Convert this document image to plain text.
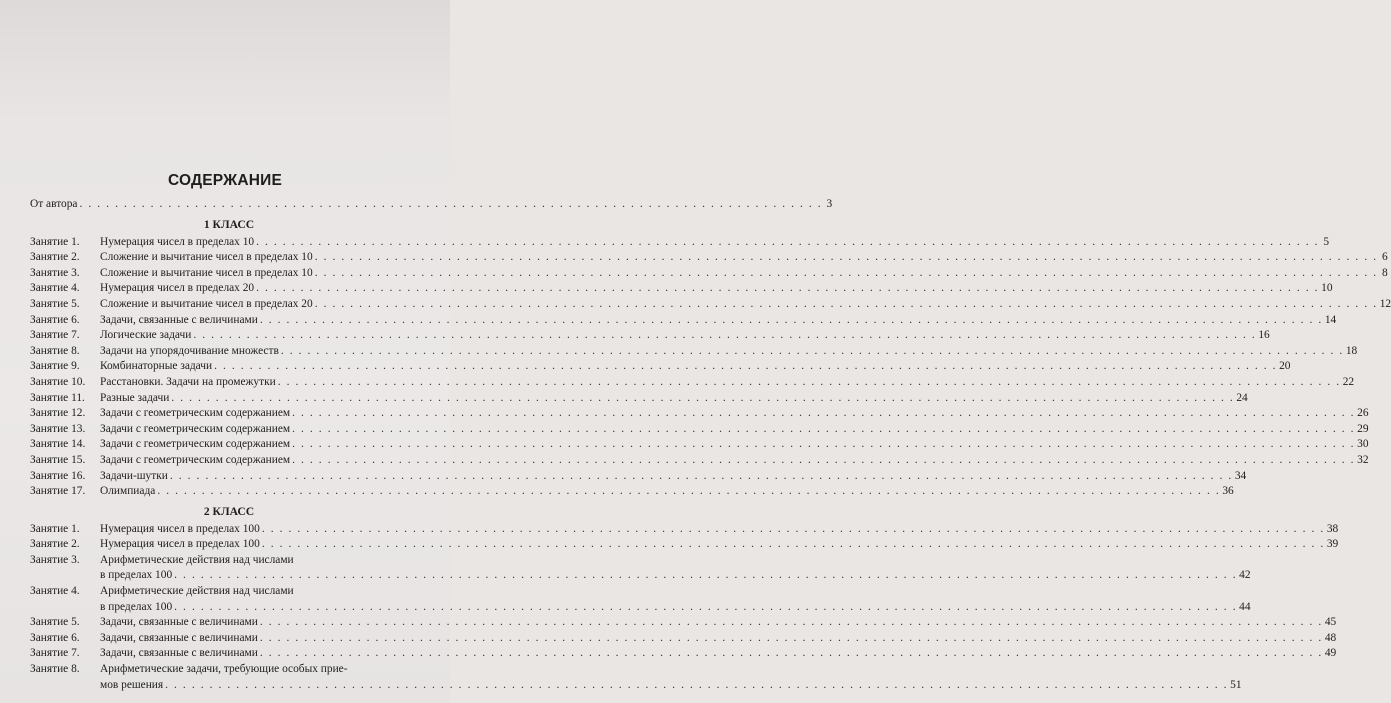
СОДЕРЖАНИЕ
От автора . . . . . . . . . . . . . . . . . . . . . . . . . . . . . . . . . . . . . . . . . . . . . . . . . . . . . . . . . . . . . . . . . . . . . . . . . . . . . . . . . . . . 3
1 КЛАСС
Занятие 1.	Нумерация чисел в пределах 10 . . . . . . . . . . . . . . . . . . . . . . . . . . . . . . . . . . . . . . . . . . . . . . . . . . . . . . . . . . . . . . . . . . . . . . . . . . . . . . . . . . . . . . . . . . . . . . . . . . . . . . . . . . . . . . . . . . . . . . . . 5
Занятие 2.	Сложение и вычитание чисел в пределах 10 . . . . . . . . . . . . . . . . . . . . . . . . . . . . . . . . . . . . . . . . . . . . . . . . . . . . . . . . . . . . . . . . . . . . . . . . . . . . . . . . . . . . . . . . . . . . . . . . . . . . . . . . . . . . . . . . . . . . . . . . 6
Занятие 3.	Сложение и вычитание чисел в пределах 10 . . . . . . . . . . . . . . . . . . . . . . . . . . . . . . . . . . . . . . . . . . . . . . . . . . . . . . . . . . . . . . . . . . . . . . . . . . . . . . . . . . . . . . . . . . . . . . . . . . . . . . . . . . . . . . . . . . . . . . . . 8
Занятие 4.	Нумерация чисел в пределах 20 . . . . . . . . . . . . . . . . . . . . . . . . . . . . . . . . . . . . . . . . . . . . . . . . . . . . . . . . . . . . . . . . . . . . . . . . . . . . . . . . . . . . . . . . . . . . . . . . . . . . . . . . . . . . . . . . . . . . . . . . 10
Занятие 5.	Сложение и вычитание чисел в пределах 20 . . . . . . . . . . . . . . . . . . . . . . . . . . . . . . . . . . . . . . . . . . . . . . . . . . . . . . . . . . . . . . . . . . . . . . . . . . . . . . . . . . . . . . . . . . . . . . . . . . . . . . . . . . . . . . . . . . . . . . . . 12
Занятие 6.	Задачи, связанные с величинами . . . . . . . . . . . . . . . . . . . . . . . . . . . . . . . . . . . . . . . . . . . . . . . . . . . . . . . . . . . . . . . . . . . . . . . . . . . . . . . . . . . . . . . . . . . . . . . . . . . . . . . . . . . . . . . . . . . . . . . . 14
Занятие 7.	Логические задачи . . . . . . . . . . . . . . . . . . . . . . . . . . . . . . . . . . . . . . . . . . . . . . . . . . . . . . . . . . . . . . . . . . . . . . . . . . . . . . . . . . . . . . . . . . . . . . . . . . . . . . . . . . . . . . . . . . . . . . . . 16
Занятие 8.	Задачи на упорядочивание множеств . . . . . . . . . . . . . . . . . . . . . . . . . . . . . . . . . . . . . . . . . . . . . . . . . . . . . . . . . . . . . . . . . . . . . . . . . . . . . . . . . . . . . . . . . . . . . . . . . . . . . . . . . . . . . . . . . . . . . . . . 18
Занятие 9.	Комбинаторные задачи . . . . . . . . . . . . . . . . . . . . . . . . . . . . . . . . . . . . . . . . . . . . . . . . . . . . . . . . . . . . . . . . . . . . . . . . . . . . . . . . . . . . . . . . . . . . . . . . . . . . . . . . . . . . . . . . . . . . . . . . 20
Занятие 10.	Расстановки. Задачи на промежутки . . . . . . . . . . . . . . . . . . . . . . . . . . . . . . . . . . . . . . . . . . . . . . . . . . . . . . . . . . . . . . . . . . . . . . . . . . . . . . . . . . . . . . . . . . . . . . . . . . . . . . . . . . . . . . . . . . . . . . . . 22
Занятие 11.	Разные задачи . . . . . . . . . . . . . . . . . . . . . . . . . . . . . . . . . . . . . . . . . . . . . . . . . . . . . . . . . . . . . . . . . . . . . . . . . . . . . . . . . . . . . . . . . . . . . . . . . . . . . . . . . . . . . . . . . . . . . . . . 24
Занятие 12.	Задачи с геометрическим содержанием . . . . . . . . . . . . . . . . . . . . . . . . . . . . . . . . . . . . . . . . . . . . . . . . . . . . . . . . . . . . . . . . . . . . . . . . . . . . . . . . . . . . . . . . . . . . . . . . . . . . . . . . . . . . . . . . . . . . . . . . 26
Занятие 13.	Задачи с геометрическим содержанием . . . . . . . . . . . . . . . . . . . . . . . . . . . . . . . . . . . . . . . . . . . . . . . . . . . . . . . . . . . . . . . . . . . . . . . . . . . . . . . . . . . . . . . . . . . . . . . . . . . . . . . . . . . . . . . . . . . . . . . . 29
Занятие 14.	Задачи с геометрическим содержанием . . . . . . . . . . . . . . . . . . . . . . . . . . . . . . . . . . . . . . . . . . . . . . . . . . . . . . . . . . . . . . . . . . . . . . . . . . . . . . . . . . . . . . . . . . . . . . . . . . . . . . . . . . . . . . . . . . . . . . . . 30
Занятие 15.	Задачи с геометрическим содержанием . . . . . . . . . . . . . . . . . . . . . . . . . . . . . . . . . . . . . . . . . . . . . . . . . . . . . . . . . . . . . . . . . . . . . . . . . . . . . . . . . . . . . . . . . . . . . . . . . . . . . . . . . . . . . . . . . . . . . . . . 32
Занятие 16.	Задачи-шутки . . . . . . . . . . . . . . . . . . . . . . . . . . . . . . . . . . . . . . . . . . . . . . . . . . . . . . . . . . . . . . . . . . . . . . . . . . . . . . . . . . . . . . . . . . . . . . . . . . . . . . . . . . . . . . . . . . . . . . . . 34
Занятие 17.	Олимпиада . . . . . . . . . . . . . . . . . . . . . . . . . . . . . . . . . . . . . . . . . . . . . . . . . . . . . . . . . . . . . . . . . . . . . . . . . . . . . . . . . . . . . . . . . . . . . . . . . . . . . . . . . . . . . . . . . . . . . . . . 36
2 КЛАСС
Занятие 1.	Нумерация чисел в пределах 100 . . . . . . . . . . . . . . . . . . . . . . . . . . . . . . . . . . . . . . . . . . . . . . . . . . . . . . . . . . . . . . . . . . . . . . . . . . . . . . . . . . . . . . . . . . . . . . . . . . . . . . . . . . . . . . . . . . . . . . . . 38
Занятие 2.	Нумерация чисел в пределах 100 . . . . . . . . . . . . . . . . . . . . . . . . . . . . . . . . . . . . . . . . . . . . . . . . . . . . . . . . . . . . . . . . . . . . . . . . . . . . . . . . . . . . . . . . . . . . . . . . . . . . . . . . . . . . . . . . . . . . . . . . 39
Занятие 3.	Арифметические действия над числами
в пределах 100 . . . . . . . . . . . . . . . . . . . . . . . . . . . . . . . . . . . . . . . . . . . . . . . . . . . . . . . . . . . . . . . . . . . . . . . . . . . . . . . . . . . . . . . . . . . . . . . . . . . . . . . . . . . . . . . . . . . . . . . . 42
Занятие 4.	Арифметические действия над числами
в пределах 100 . . . . . . . . . . . . . . . . . . . . . . . . . . . . . . . . . . . . . . . . . . . . . . . . . . . . . . . . . . . . . . . . . . . . . . . . . . . . . . . . . . . . . . . . . . . . . . . . . . . . . . . . . . . . . . . . . . . . . . . . 44
Занятие 5.	Задачи, связанные с величинами . . . . . . . . . . . . . . . . . . . . . . . . . . . . . . . . . . . . . . . . . . . . . . . . . . . . . . . . . . . . . . . . . . . . . . . . . . . . . . . . . . . . . . . . . . . . . . . . . . . . . . . . . . . . . . . . . . . . . . . . 45
Занятие 6.	Задачи, связанные с величинами . . . . . . . . . . . . . . . . . . . . . . . . . . . . . . . . . . . . . . . . . . . . . . . . . . . . . . . . . . . . . . . . . . . . . . . . . . . . . . . . . . . . . . . . . . . . . . . . . . . . . . . . . . . . . . . . . . . . . . . . 48
Занятие 7.	Задачи, связанные с величинами . . . . . . . . . . . . . . . . . . . . . . . . . . . . . . . . . . . . . . . . . . . . . . . . . . . . . . . . . . . . . . . . . . . . . . . . . . . . . . . . . . . . . . . . . . . . . . . . . . . . . . . . . . . . . . . . . . . . . . . . 49
Занятие 8.	Арифметические задачи, требующие особых прие-
мов решения . . . . . . . . . . . . . . . . . . . . . . . . . . . . . . . . . . . . . . . . . . . . . . . . . . . . . . . . . . . . . . . . . . . . . . . . . . . . . . . . . . . . . . . . . . . . . . . . . . . . . . . . . . . . . . . . . . . . . . . . 51
